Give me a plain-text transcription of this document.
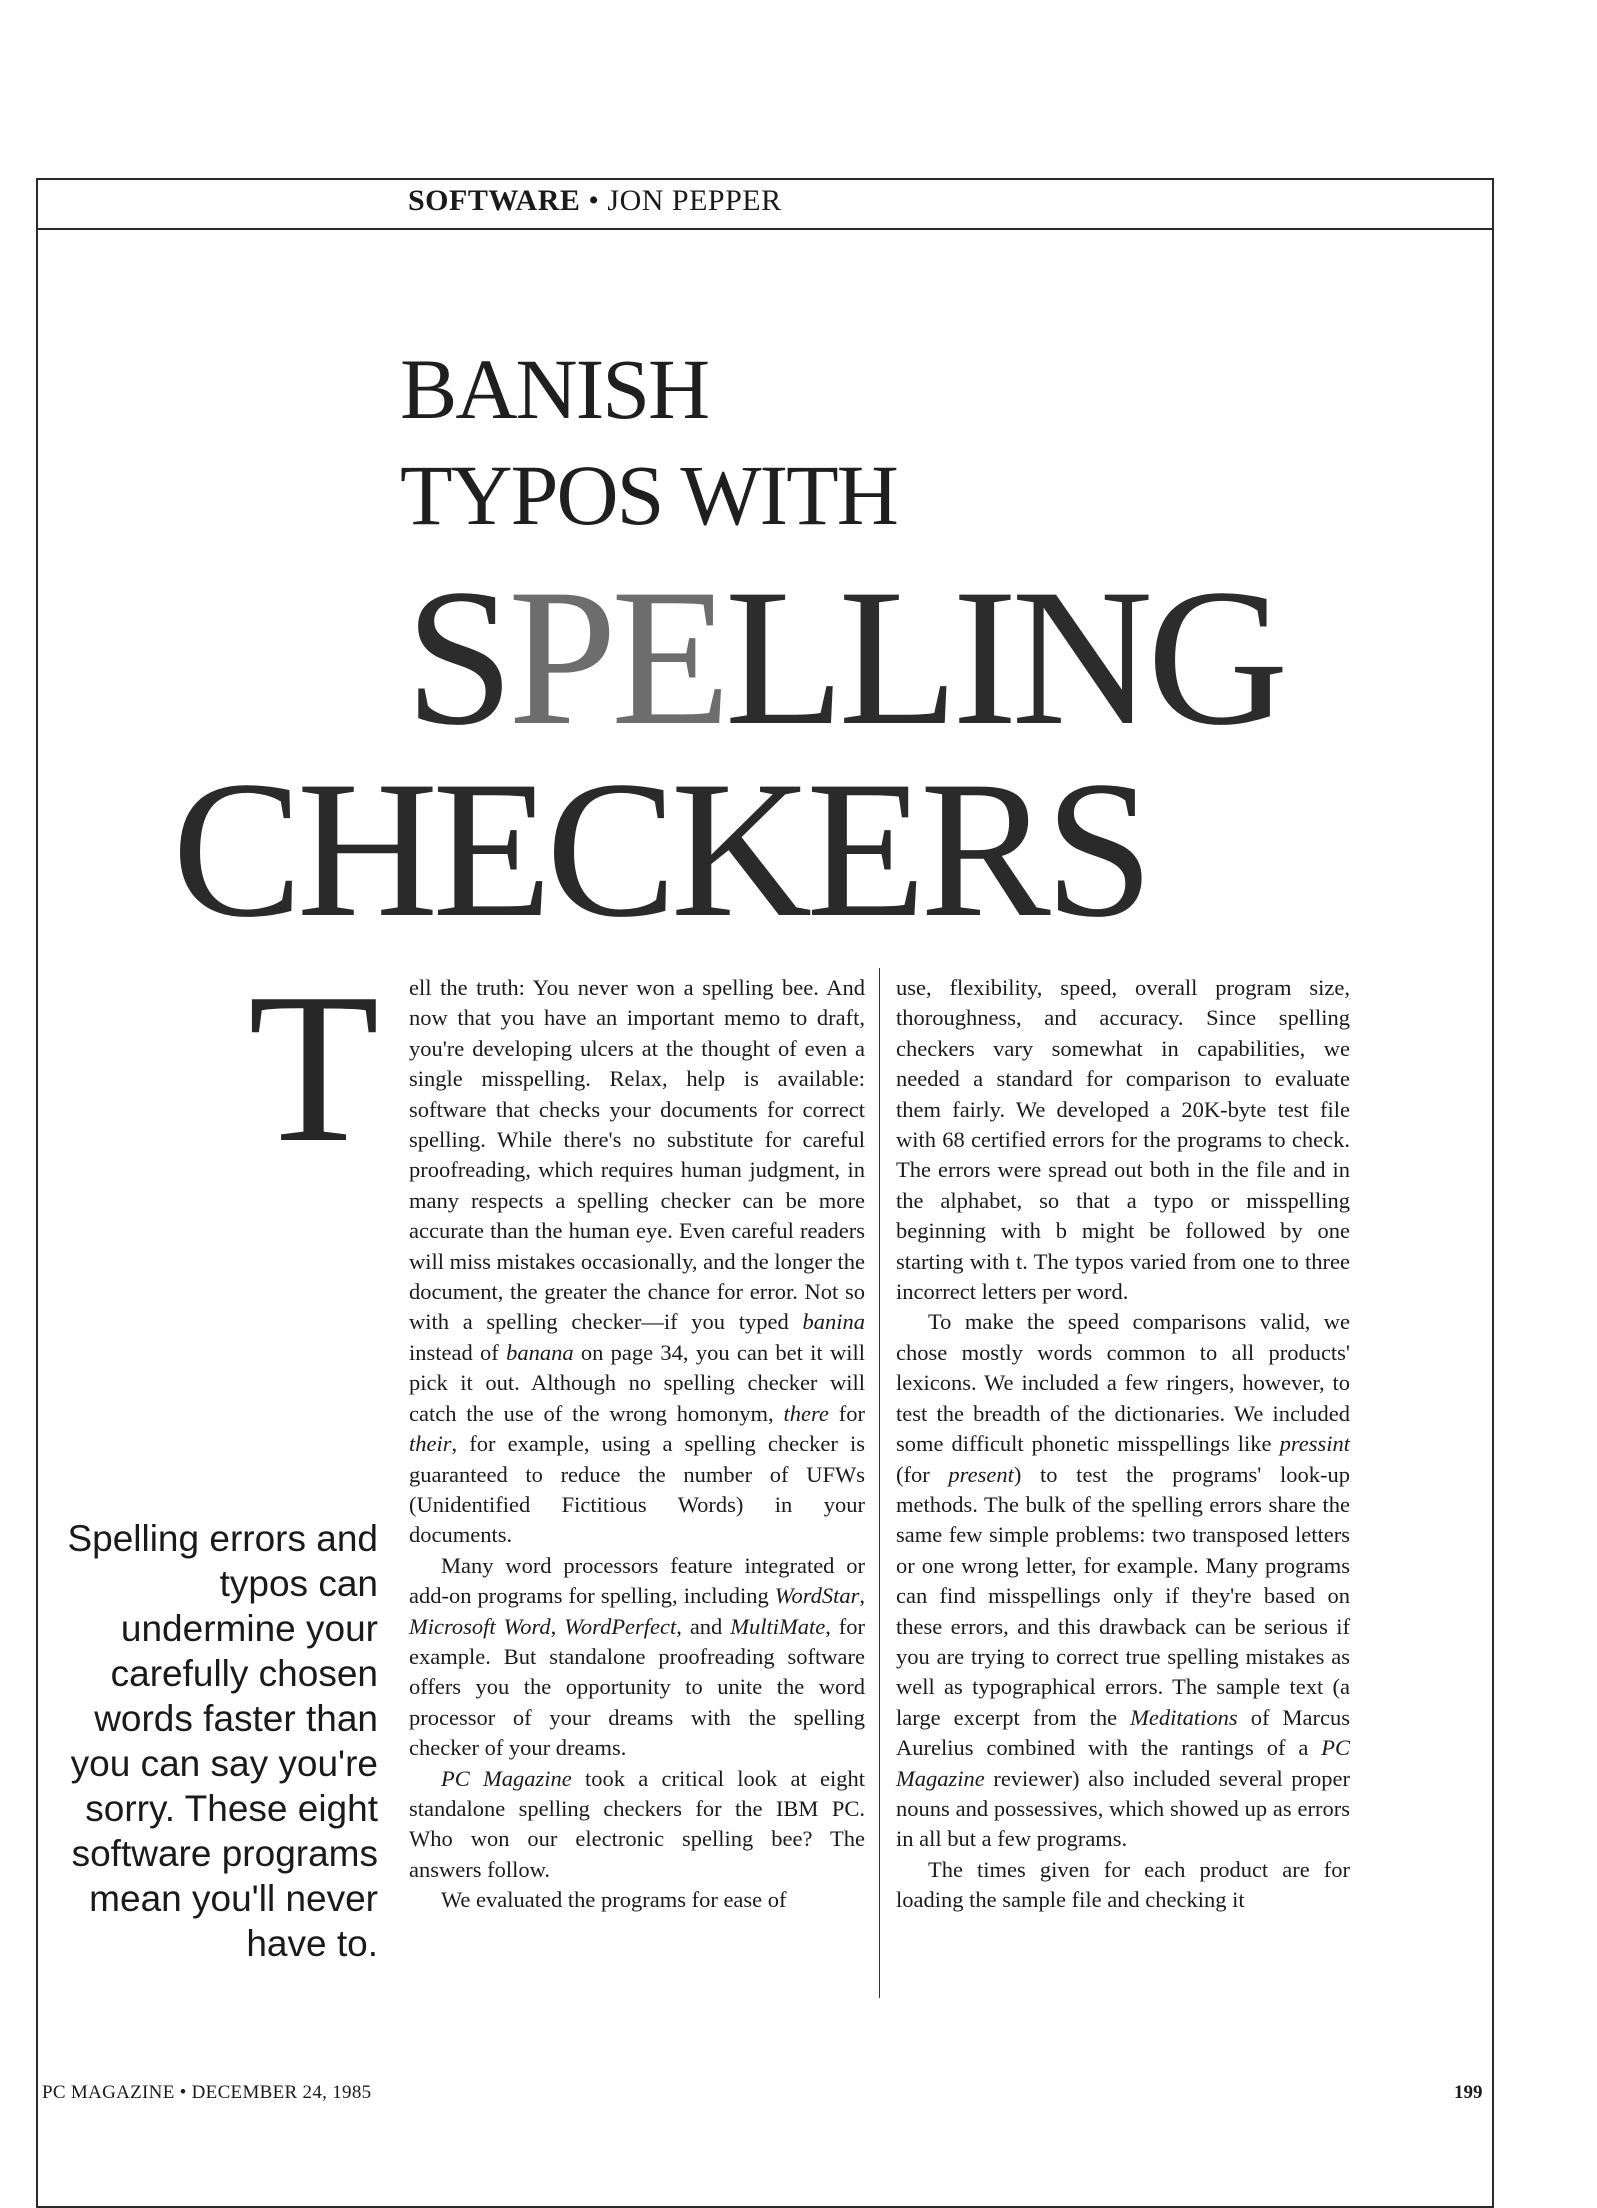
SOFTWARE • JON PEPPER
BANISH
TYPOS WITH
SPELLING
CHECKERS
T
Spelling errors and typos can undermine your carefully chosen words faster than you can say you're sorry. These eight software programs mean you'll never have to.

ell the truth: You never won a spelling bee. And now that you have an important memo to draft, you're developing ulcers at the thought of even a single misspelling. Relax, help is available: software that checks your documents for correct spelling. While there's no substitute for careful proofreading, which requires human judgment, in many respects a spelling checker can be more accurate than the human eye. Even careful readers will miss mistakes occasionally, and the longer the document, the greater the chance for error. Not so with a spelling checker—if you typed banina instead of banana on page 34, you can bet it will pick it out. Although no spelling checker will catch the use of the wrong homonym, there for their, for example, using a spelling checker is guaranteed to reduce the number of UFWs (Unidentified Fictitious Words) in your documents.

Many word processors feature integrated or add-on programs for spelling, including WordStar, Microsoft Word, WordPerfect, and MultiMate, for example. But standalone proofreading software offers you the opportunity to unite the word processor of your dreams with the spelling checker of your dreams.

PC Magazine took a critical look at eight standalone spelling checkers for the IBM PC. Who won our electronic spelling bee? The answers follow.

We evaluated the programs for ease of

use, flexibility, speed, overall program size, thoroughness, and accuracy. Since spelling checkers vary somewhat in capabilities, we needed a standard for comparison to evaluate them fairly. We developed a 20K-byte test file with 68 certified errors for the programs to check. The errors were spread out both in the file and in the alphabet, so that a typo or misspelling beginning with b might be followed by one starting with t. The typos varied from one to three incorrect letters per word.

To make the speed comparisons valid, we chose mostly words common to all products' lexicons. We included a few ringers, however, to test the breadth of the dictionaries. We included some difficult phonetic misspellings like pressint (for present) to test the programs' look-up methods. The bulk of the spelling errors share the same few simple problems: two transposed letters or one wrong letter, for example. Many programs can find misspellings only if they're based on these errors, and this drawback can be serious if you are trying to correct true spelling mistakes as well as typographical errors. The sample text (a large excerpt from the Meditations of Marcus Aurelius combined with the rantings of a PC Magazine reviewer) also included several proper nouns and possessives, which showed up as errors in all but a few programs.

The times given for each product are for loading the sample file and checking it

PC MAGAZINE • DECEMBER 24, 1985	199
